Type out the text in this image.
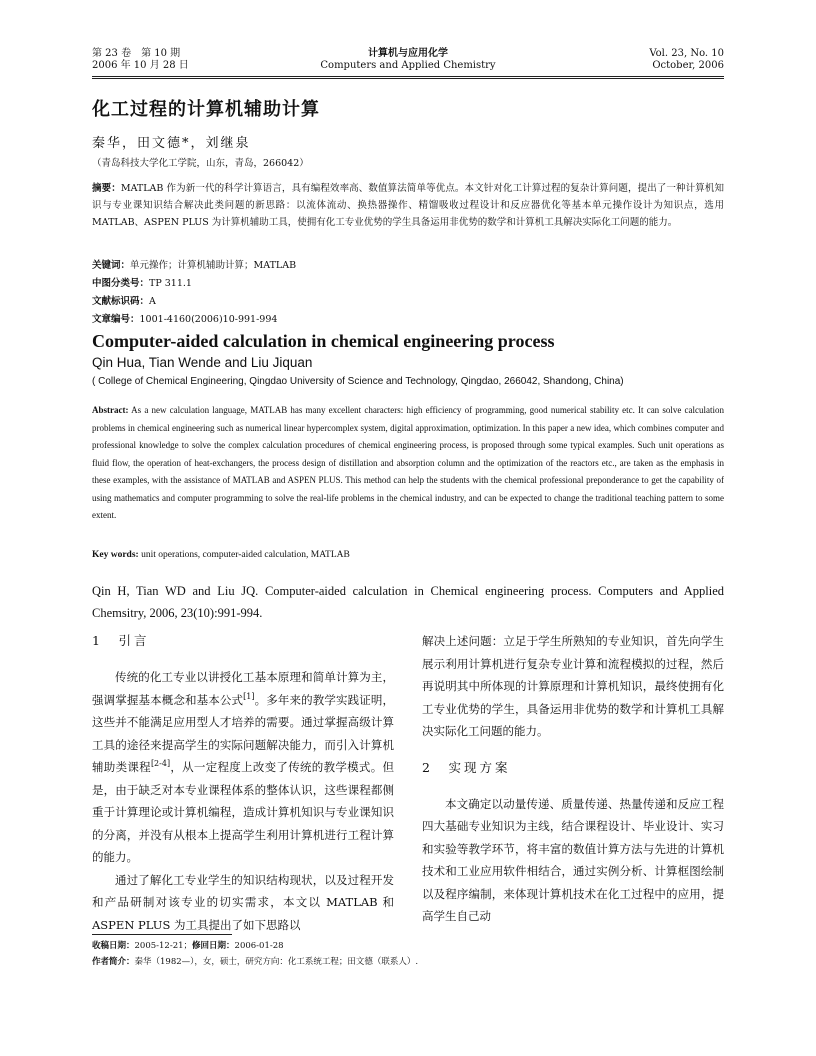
第 23 卷　第 10 期
2006 年 10 月 28 日
计算机与应用化学
Computers and Applied Chemistry
Vol. 23, No. 10
October, 2006
化工过程的计算机辅助计算
秦华，田文德*，刘继泉
（青岛科技大学化工学院，山东，青岛，266042）
摘要：MATLAB 作为新一代的科学计算语言，具有编程效率高、数值算法简单等优点。本文针对化工计算过程的复杂计算问题，提出了一种计算机知识与专业课知识结合解决此类问题的新思路：以流体流动、换热器操作、精馏吸收过程设计和反应器优化等基本单元操作设计为知识点，选用 MATLAB、ASPEN PLUS 为计算机辅助工具，使拥有化工专业优势的学生具备运用非优势的数学和计算机工具解决实际化工问题的能力。
关键词：单元操作；计算机辅助计算；MATLAB
中图分类号：TP 311.1
文献标识码：A
文章编号：1001-4160(2006)10-991-994
Computer-aided calculation in chemical engineering process
Qin Hua, Tian Wende and Liu Jiquan
( College of Chemical Engineering, Qingdao University of Science and Technology, Qingdao, 266042, Shandong, China)
Abstract: As a new calculation language, MATLAB has many excellent characters: high efficiency of programming, good numerical stability etc. It can solve calculation problems in chemical engineering such as numerical linear hypercomplex system, digital approximation, optimization. In this paper a new idea, which combines computer and professional knowledge to solve the complex calculation procedures of chemical engineering process, is proposed through some typical examples. Such unit operations as fluid flow, the operation of heat-exchangers, the process design of distillation and absorption column and the optimization of the reactors etc., are taken as the emphasis in these examples, with the assistance of MATLAB and ASPEN PLUS. This method can help the students with the chemical professional preponderance to get the capability of using mathematics and computer programming to solve the real-life problems in the chemical industry, and can be expected to change the traditional teaching pattern to some extent.
Key words: unit operations, computer-aided calculation, MATLAB
Qin H, Tian WD and Liu JQ. Computer-aided calculation in Chemical engineering process. Computers and Applied Chemsitry, 2006, 23(10):991-994.
1　引言

传统的化工专业以讲授化工基本原理和简单计算为主，强调掌握基本概念和基本公式[1]。多年来的教学实践证明，这些并不能满足应用型人才培养的需要。通过掌握高级计算工具的途径来提高学生的实际问题解决能力，而引入计算机辅助类课程[2-4]，从一定程度上改变了传统的教学模式。但是，由于缺乏对本专业课程体系的整体认识，这些课程都侧重于计算理论或计算机编程，造成计算机知识与专业课知识的分离，并没有从根本上提高学生利用计算机进行工程计算的能力。

通过了解化工专业学生的知识结构现状，以及过程开发和产品研制对该专业的切实需求，本文以 MATLAB 和 ASPEN PLUS 为工具提出了如下思路以

解决上述问题：立足于学生所熟知的专业知识，首先向学生展示利用计算机进行复杂专业计算和流程模拟的过程，然后再说明其中所体现的计算原理和计算机知识，最终使拥有化工专业优势的学生，具备运用非优势的数学和计算机工具解决实际化工问题的能力。

2　实现方案

本文确定以动量传递、质量传递、热量传递和反应工程四大基础专业知识为主线，结合课程设计、毕业设计、实习和实验等教学环节，将丰富的数值计算方法与先进的计算机技术和工业应用软件相结合，通过实例分析、计算框图绘制以及程序编制，来体现计算机技术在化工过程中的应用，提高学生自己动

收稿日期：2005-12-21；修回日期：2006-01-28
作者简介：秦华（1982—），女，硕士，研究方向：化工系统工程；田文德（联系人）.
